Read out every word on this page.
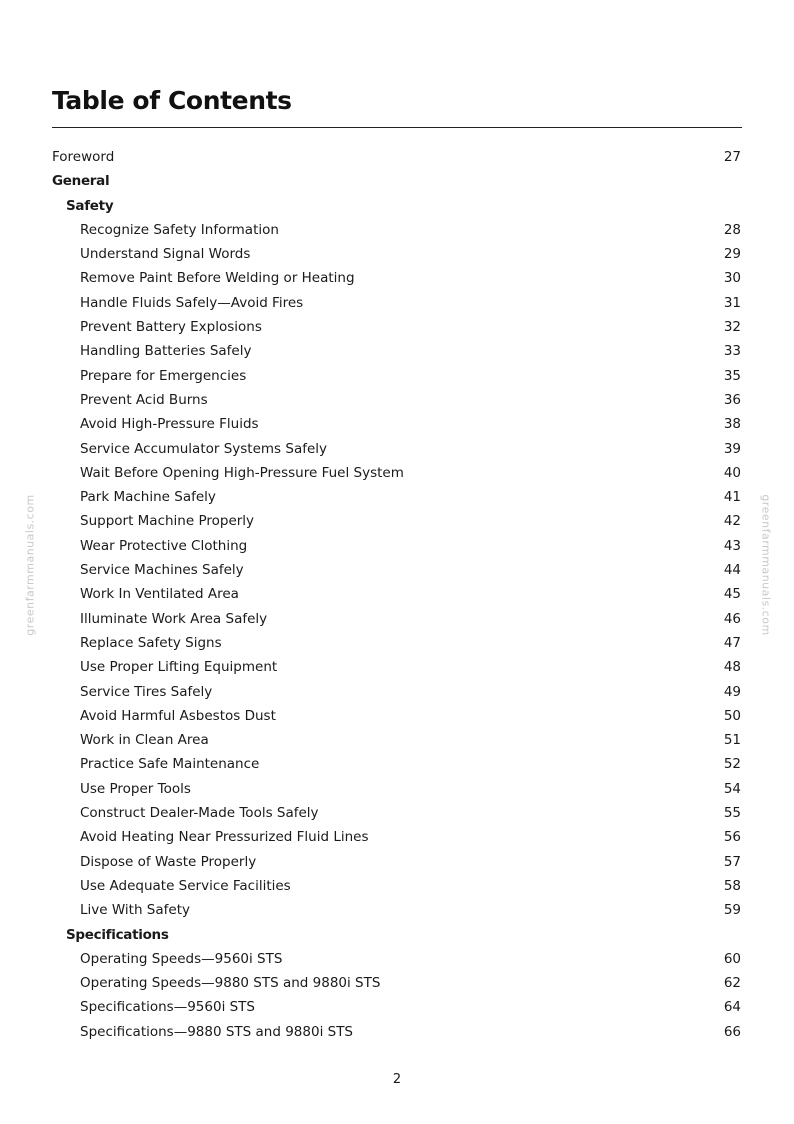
Table of Contents
Foreword	27
General
Safety
Recognize Safety Information	28
Understand Signal Words	29
Remove Paint Before Welding or Heating	30
Handle Fluids Safely—Avoid Fires	31
Prevent Battery Explosions	32
Handling Batteries Safely	33
Prepare for Emergencies	35
Prevent Acid Burns	36
Avoid High-Pressure Fluids	38
Service Accumulator Systems Safely	39
Wait Before Opening High-Pressure Fuel System	40
Park Machine Safely	41
Support Machine Properly	42
Wear Protective Clothing	43
Service Machines Safely	44
Work In Ventilated Area	45
Illuminate Work Area Safely	46
Replace Safety Signs	47
Use Proper Lifting Equipment	48
Service Tires Safely	49
Avoid Harmful Asbestos Dust	50
Work in Clean Area	51
Practice Safe Maintenance	52
Use Proper Tools	54
Construct Dealer-Made Tools Safely	55
Avoid Heating Near Pressurized Fluid Lines	56
Dispose of Waste Properly	57
Use Adequate Service Facilities	58
Live With Safety	59
Specifications
Operating Speeds—9560i STS	60
Operating Speeds—9880 STS and 9880i STS	62
Specifications—9560i STS	64
Specifications—9880 STS and 9880i STS	66
2
greenfarmmanuals.com	greenfarmmanuals.com
